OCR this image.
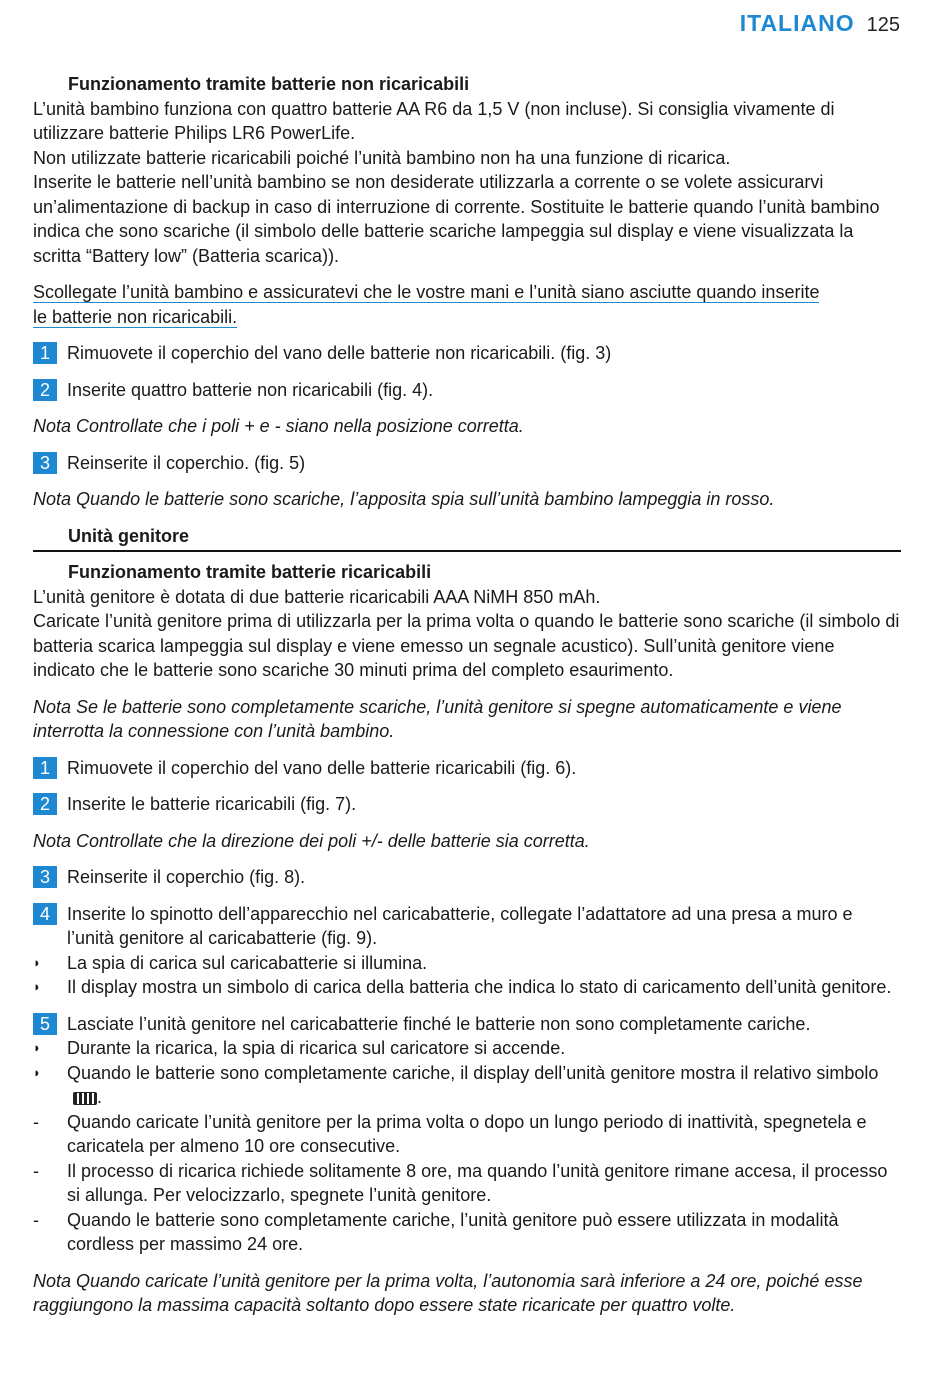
ITALIANO 125

Funzionamento tramite batterie non ricaricabili

L’unità bambino funziona con quattro batterie AA R6 da 1,5 V (non incluse). Si consiglia vivamente di utilizzare batterie Philips LR6 PowerLife.

Non utilizzate batterie ricaricabili poiché l’unità bambino non ha una funzione di ricarica.

Inserite le batterie nell’unità bambino se non desiderate utilizzarla a corrente o se volete assicurarvi un’alimentazione di backup in caso di interruzione di corrente. Sostituite le batterie quando l’unità bambino indica che sono scariche (il simbolo delle batterie scariche lampeggia sul display e viene visualizzata la scritta “Battery low” (Batteria scarica)).

Scollegate l’unità bambino e assicuratevi che le vostre mani e l’unità siano asciutte quando inserite le batterie non ricaricabili.
1 Rimuovete il coperchio del vano delle batterie non ricaricabili. (fig. 3)
2 Inserite quattro batterie non ricaricabili (fig. 4).

Nota Controllate che i poli + e - siano nella posizione corretta.

3 Reinserite il coperchio. (fig. 5)

Nota Quando le batterie sono scariche, l’apposita spia sull’unità bambino lampeggia in rosso.

Unità genitore

Funzionamento tramite batterie ricaricabili

L’unità genitore è dotata di due batterie ricaricabili AAA NiMH 850 mAh.

Caricate l’unità genitore prima di utilizzarla per la prima volta o quando le batterie sono scariche (il simbolo di batteria scarica lampeggia sul display e viene emesso un segnale acustico). Sull’unità genitore viene indicato che le batterie sono scariche 30 minuti prima del completo esaurimento.

Nota Se le batterie sono completamente scariche, l’unità genitore si spegne automaticamente e viene interrotta la connessione con l’unità bambino.

1 Rimuovete il coperchio del vano delle batterie ricaricabili (fig. 6).
2 Inserite le batterie ricaricabili (fig. 7).

Nota Controllate che la direzione dei poli +/- delle batterie sia corretta.

3 Reinserite il coperchio (fig. 8).
4 Inserite lo spinotto dell’apparecchio nel caricabatterie, collegate l’adattatore ad una presa a muro e l’unità genitore al caricabatterie (fig. 9).
◗	La spia di carica sul caricabatterie si illumina.
◗	Il display mostra un simbolo di carica della batteria che indica lo stato di caricamento dell’unità genitore.
5 Lasciate l’unità genitore nel caricabatterie finché le batterie non sono completamente cariche.
◗	Durante la ricarica, la spia di ricarica sul caricatore si accende.
◗	Quando le batterie sono completamente cariche, il display dell’unità genitore mostra il relativo simbolo.
-	Quando caricate l’unità genitore per la prima volta o dopo un lungo periodo di inattività, spegnetela e caricatela per almeno 10 ore consecutive.
-	Il processo di ricarica richiede solitamente 8 ore, ma quando l’unità genitore rimane accesa, il processo si allunga. Per velocizzarlo, spegnete l’unità genitore.
-	Quando le batterie sono completamente cariche, l’unità genitore può essere utilizzata in modalità cordless per massimo 24 ore.

Nota Quando caricate l’unità genitore per la prima volta, l’autonomia sarà inferiore a 24 ore, poiché esse raggiungono la massima capacità soltanto dopo essere state ricaricate per quattro volte.
